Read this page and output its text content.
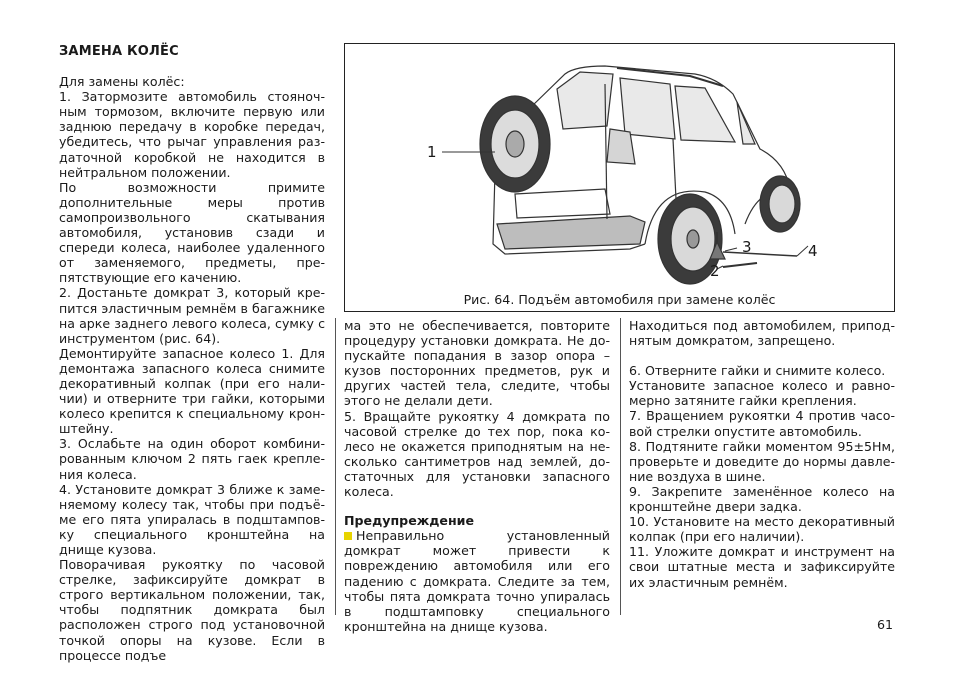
ЗАМЕНА КОЛЁС

Для замены колёс:

1. Затормозите автомобиль стояночным тормозом, включите первую или заднюю передачу в коробке передач, убедитесь, что рычаг управления раздаточной коробкой не находится в нейтральном положении.

По возможности примите дополнительные меры против самопроизвольного скатывания автомобиля, установив сзади и спереди колеса, наиболее удаленного от заменяемого, предметы, препятствующие его качению.

2. Достаньте домкрат 3, который крепится эластичным ремнём в багажнике на арке заднего левого колеса, сумку с инструментом (рис. 64).

Демонтируйте запасное колесо 1. Для демонтажа запасного колеса снимите декоративный колпак (при его наличии) и отверните три гайки, которыми колесо крепится к специальному кронштейну.

3. Ослабьте на один оборот комбинированным ключом 2 пять гаек крепления колеса.

4. Установите домкрат 3 ближе к заменяемому колесу так, чтобы при подъёме его пята упиралась в подштамповку специального кронштейна на днище кузова.

Поворачивая рукоятку по часовой стрелке, зафиксируйте домкрат в строго вертикальном положении, так, чтобы подпятник домкрата был расположен строго под установочной точкой опоры на кузове. Если в процессе подъе

1
3	4
2
Рис. 64. Подъём автомобиля при замене колёс

ма это не обеспечивается, повторите процедуру установки домкрата. Не допускайте попадания в зазор опора – кузов посторонних предметов, рук и других частей тела, следите, чтобы этого не делали дети.

5. Вращайте рукоятку 4 домкрата по часовой стрелке до тех пор, пока колесо не окажется приподнятым на несколько сантиметров над землей, достаточных для установки запасного колеса.

Предупреждение

Неправильно установленный домкрат может привести к повреждению автомобиля или его падению с домкрата. Следите за тем, чтобы пята домкрата точно упиралась в подштамповку специального кронштейна на днище кузова.

Находиться под автомобилем, приподнятым домкратом, запрещено.

6. Отверните гайки и снимите колесо.

Установите запасное колесо и равномерно затяните гайки крепления.

7. Вращением рукоятки 4 против часовой стрелки опустите автомобиль.

8. Подтяните гайки моментом 95±5Нм, проверьте и доведите до нормы давление воздуха в шине.

9. Закрепите заменённое колесо на кронштейне двери задка.

10. Установите на место декоративный колпак (при его наличии).

11. Уложите домкрат и инструмент на свои штатные места и зафиксируйте их эластичным ремнём.

61
